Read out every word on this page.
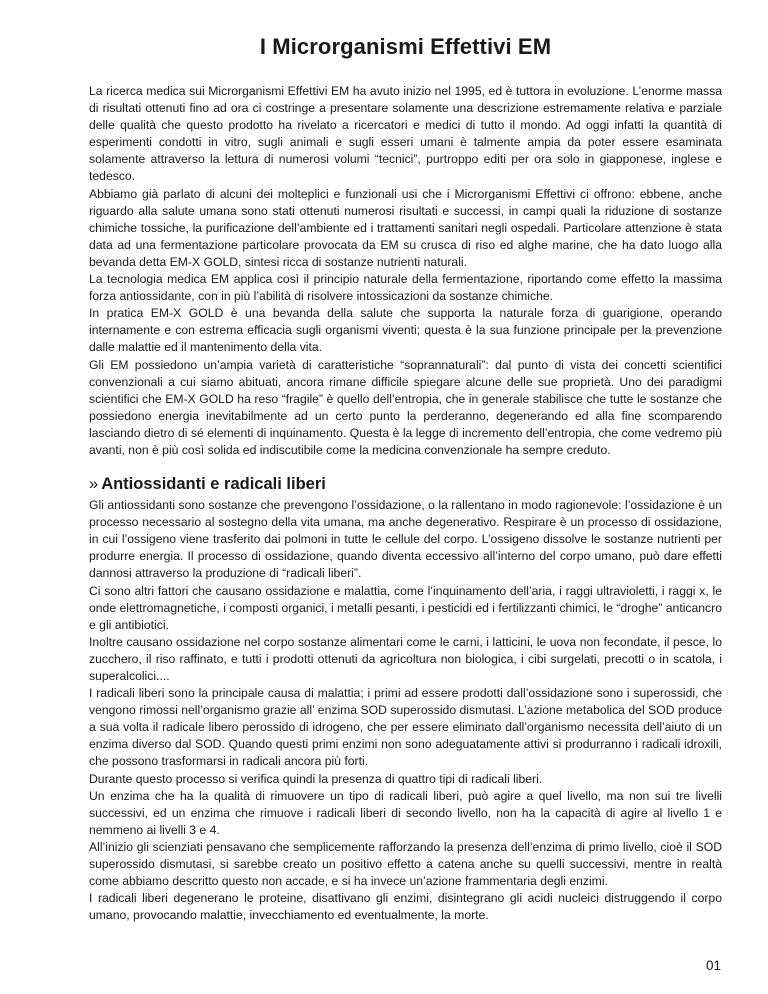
I Microrganismi Effettivi EM

La ricerca medica sui Microrganismi Effettivi EM ha avuto inizio nel 1995, ed è tuttora in evoluzione. L’enorme massa di risultati ottenuti fino ad ora ci costringe a presentare solamente una descrizione estremamente relativa e parziale delle qualità che questo prodotto ha rivelato a ricercatori e medici di tutto il mondo. Ad oggi infatti la quantità di esperimenti condotti in vitro, sugli animali e sugli esseri umani è talmente ampia da poter essere esaminata solamente attraverso la lettura di numerosi volumi “tecnici”, purtroppo editi per ora solo in giapponese, inglese e tedesco.

Abbiamo già parlato di alcuni dei molteplici e funzionali usi che i Microrganismi Effettivi ci offrono: ebbene, anche riguardo alla salute umana sono stati ottenuti numerosi risultati e successi, in campi quali la riduzione di sostanze chimiche tossiche, la purificazione dell’ambiente ed i trattamenti sanitari negli ospedali. Particolare attenzione è stata data ad una fermentazione particolare provocata da EM su crusca di riso ed alghe marine, che ha dato luogo alla bevanda detta EM-X GOLD, sintesi ricca di sostanze nutrienti naturali.

La tecnologia medica EM applica così il principio naturale della fermentazione, riportando come effetto la massima forza antiossidante, con in più l’abilità di risolvere intossicazioni da sostanze chimiche.

In pratica EM-X GOLD è una bevanda della salute che supporta la naturale forza di guarigione, operando internamente e con estrema efficacia sugli organismi viventi; questa è la sua funzione principale per la prevenzione dalle malattie ed il mantenimento della vita.

Gli EM possiedono un’ampia varietà di caratteristiche “soprannaturali”: dal punto di vista dei concetti scientifici convenzionali a cui siamo abituati, ancora rimane difficile spiegare alcune delle sue proprietà. Uno dei paradigmi scientifici che EM-X GOLD ha reso “fragile” è quello dell’entropia, che in generale stabilisce che tutte le sostanze che possiedono energia inevitabilmente ad un certo punto la perderanno, degenerando ed alla fine scomparendo lasciando dietro di sé elementi di inquinamento. Questa è la legge di incremento dell’entropia, che come vedremo più avanti, non è più così solida ed indiscutibile come la medicina convenzionale ha sempre creduto.

» Antiossidanti e radicali liberi

Gli antiossidanti sono sostanze che prevengono l’ossidazione, o la rallentano in modo ragionevole: l’ossidazione è un processo necessario al sostegno della vita umana, ma anche degenerativo. Respirare è un processo di ossidazione, in cui l’ossigeno viene trasferito dai polmoni in tutte le cellule del corpo. L’ossigeno dissolve le sostanze nutrienti per produrre energia. Il processo di ossidazione, quando diventa eccessivo all’interno del corpo umano, può dare effetti dannosi attraverso la produzione di “radicali liberi”.

Ci sono altri fattori che causano ossidazione e malattia, come l’inquinamento dell’aria, i raggi ultravioletti, i raggi x, le onde elettromagnetiche, i composti organici, i metalli pesanti, i pesticidi ed i fertilizzanti chimici, le “droghe” anticancro e gli antibiotici.

Inoltre causano ossidazione nel corpo sostanze alimentari come le carni, i latticini, le uova non fecondate, il pesce, lo zucchero, il riso raffinato, e tutti i prodotti ottenuti da agricoltura non biologica, i cibi surgelati, precotti o in scatola, i superalcolici....

I radicali liberi sono la principale causa di malattia; i primi ad essere prodotti dall’ossidazione sono i superossidi, che vengono rimossi nell’organismo grazie all’ enzima SOD superossido dismutasi. L’azione metabolica del SOD produce a sua volta il radicale libero perossido di idrogeno, che per essere eliminato dall’organismo necessita dell’aiuto di un enzima diverso dal SOD. Quando questi primi enzimi non sono adeguatamente attivi si produrranno i radicali idroxili, che possono trasformarsi in radicali ancora più forti.

Durante questo processo si verifica quindi la presenza di quattro tipi di radicali liberi.

Un enzima che ha la qualità di rimuovere un tipo di radicali liberi, può agire a quel livello, ma non sui tre livelli successivi, ed un enzima che rimuove i radicali liberi di secondo livello, non ha la capacità di agire al livello 1 e nemmeno ai livelli 3 e 4.

All’inizio gli scienziati pensavano che semplicemente rafforzando la presenza dell’enzima di primo livello, cioè il SOD superossido dismutasi, si sarebbe creato un positivo effetto a catena anche su quelli successivi, mentre in realtà come abbiamo descritto questo non accade, e si ha invece un’azione frammentaria degli enzimi.

I radicali liberi degenerano le proteine, disattivano gli enzimi, disintegrano gli acidi nucleici distruggendo il corpo umano, provocando malattie, invecchiamento ed eventualmente, la morte.

01
